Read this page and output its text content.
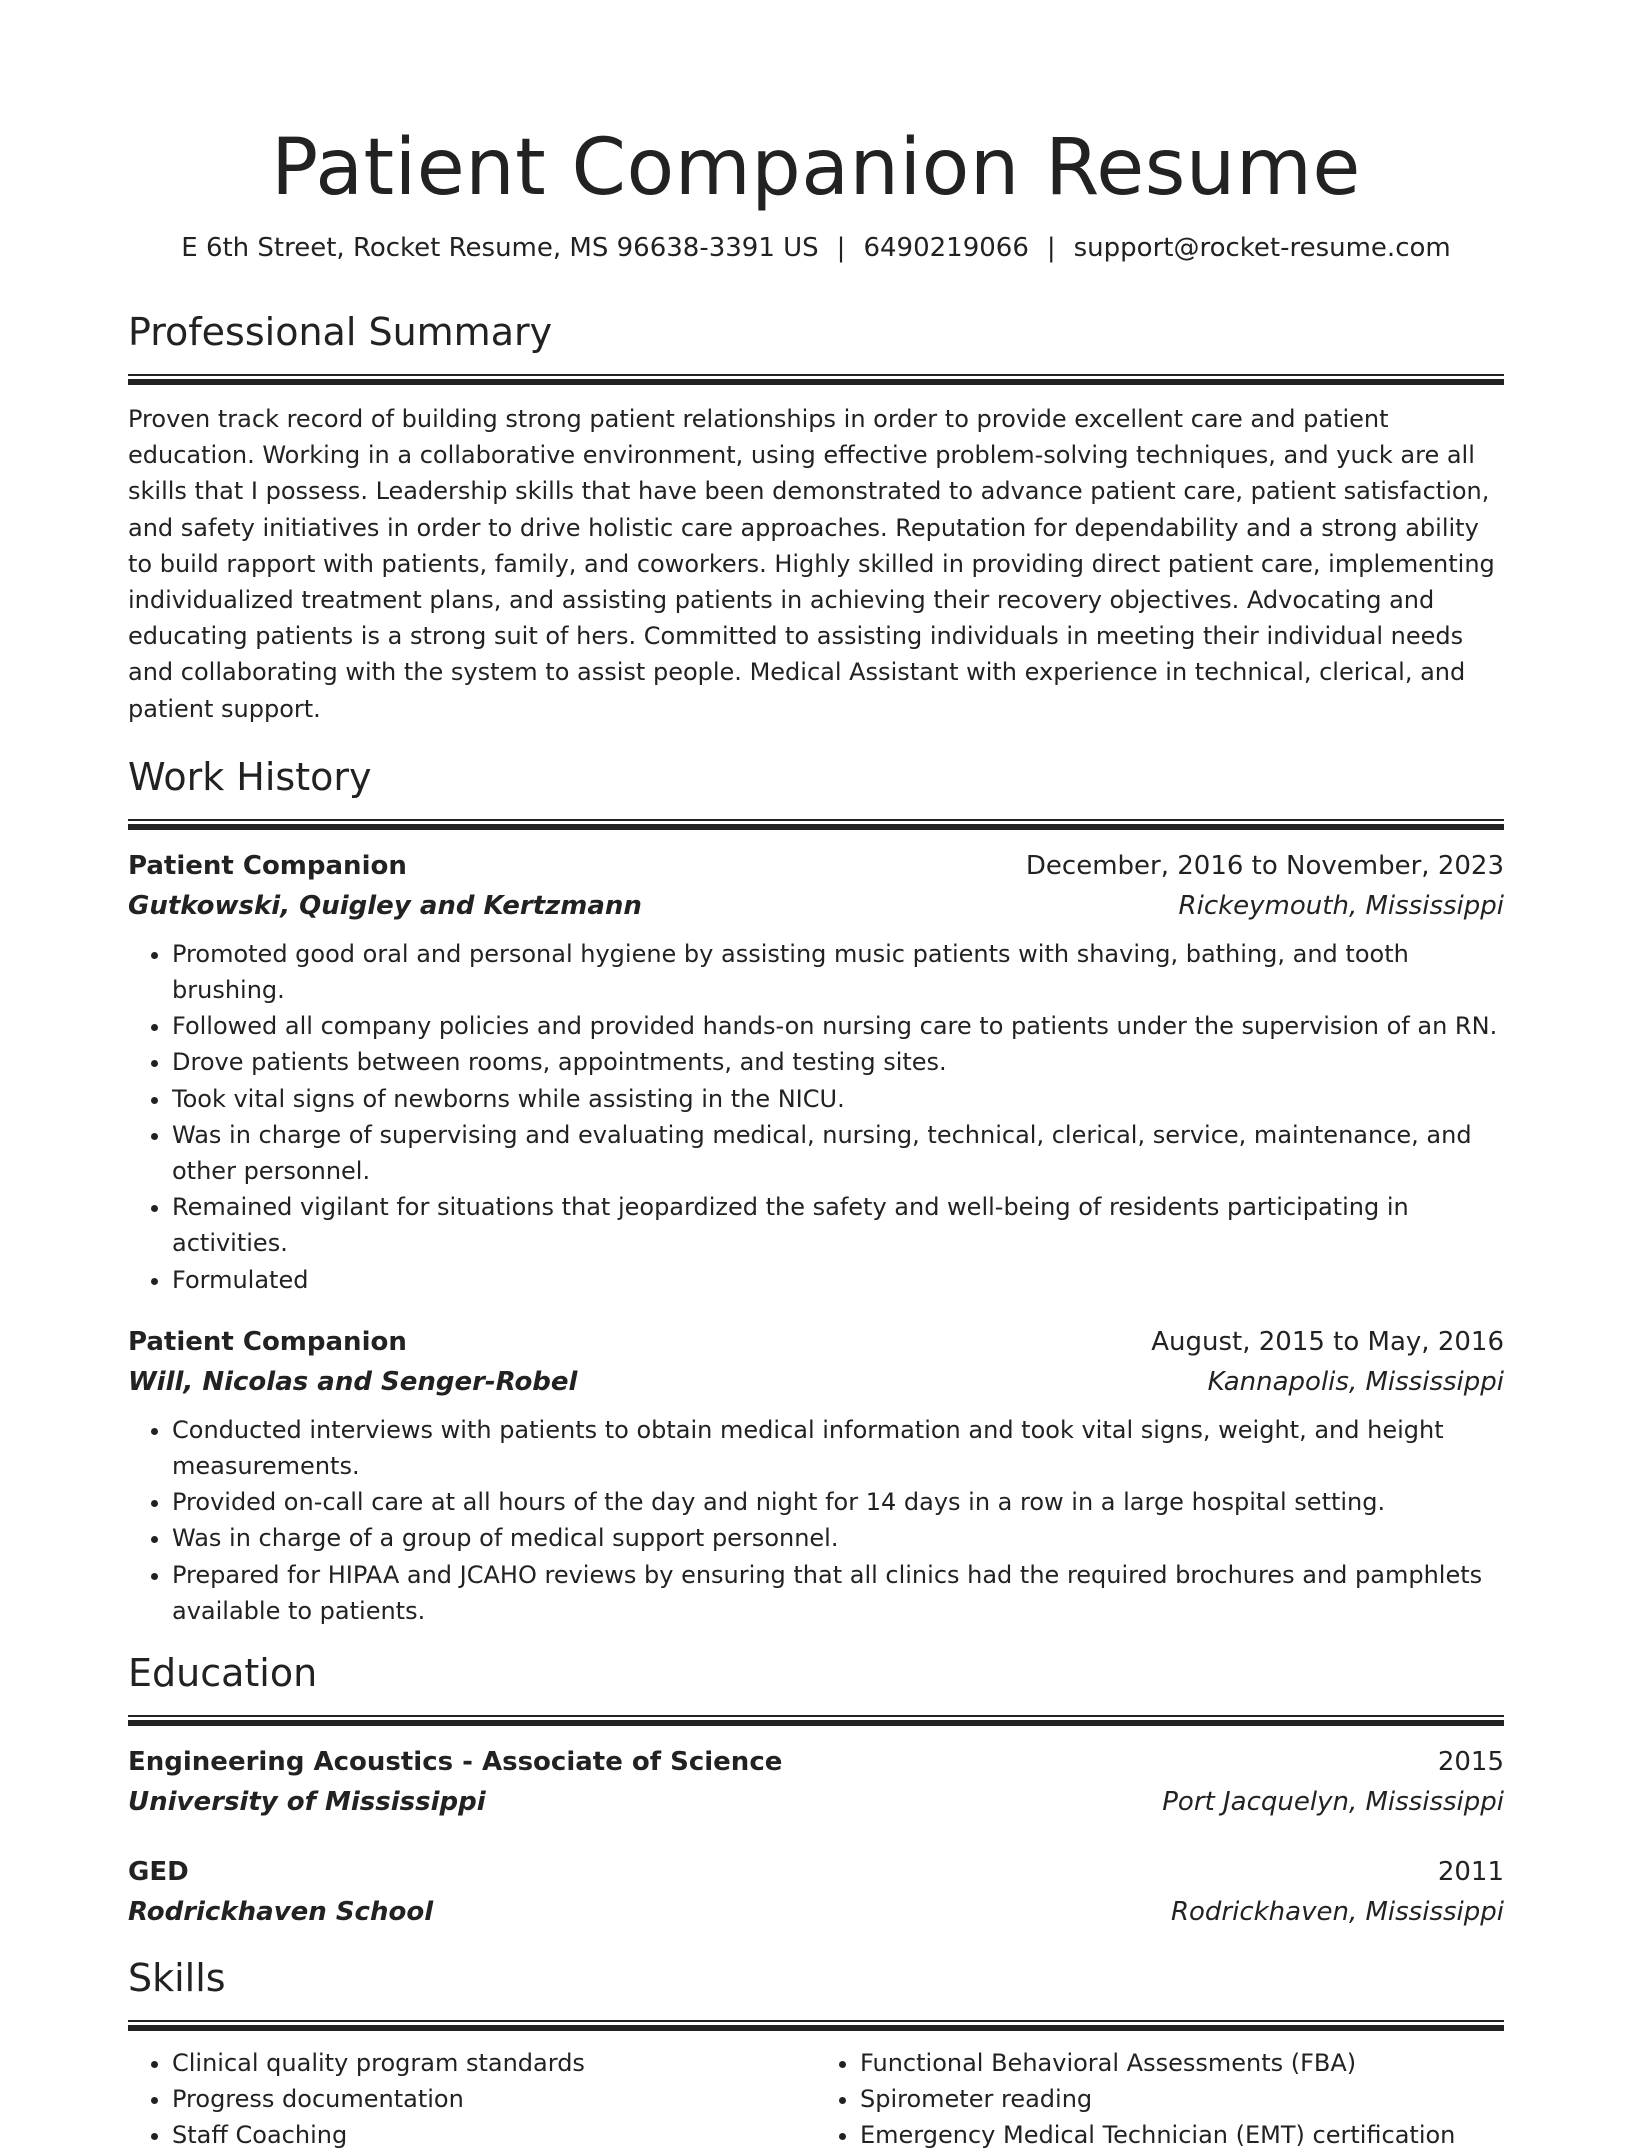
Patient Companion Resume
E 6th Street, Rocket Resume, MS 96638-3391 US | 6490219066 | support@rocket-resume.com
Professional Summary

Proven track record of building strong patient relationships in order to provide excellent care and patient education. Working in a collaborative environment, using effective problem-solving techniques, and yuck are all skills that I possess. Leadership skills that have been demonstrated to advance patient care, patient satisfaction, and safety initiatives in order to drive holistic care approaches. Reputation for dependability and a strong ability to build rapport with patients, family, and coworkers. Highly skilled in providing direct patient care, implementing individualized treatment plans, and assisting patients in achieving their recovery objectives. Advocating and educating patients is a strong suit of hers. Committed to assisting individuals in meeting their individual needs and collaborating with the system to assist people. Medical Assistant with experience in technical, clerical, and patient support.

Work History
Patient Companion	December, 2016 to November, 2023
Gutkowski, Quigley and Kertzmann	Rickeymouth, Mississippi
• Promoted good oral and personal hygiene by assisting music patients with shaving, bathing, and tooth brushing.
• Followed all company policies and provided hands-on nursing care to patients under the supervision of an RN.
• Drove patients between rooms, appointments, and testing sites.
• Took vital signs of newborns while assisting in the NICU.
• Was in charge of supervising and evaluating medical, nursing, technical, clerical, service, maintenance, and other personnel.
• Remained vigilant for situations that jeopardized the safety and well-being of residents participating in activities.
• Formulated
Patient Companion	August, 2015 to May, 2016
Will, Nicolas and Senger-Robel	Kannapolis, Mississippi
• Conducted interviews with patients to obtain medical information and took vital signs, weight, and height measurements.
• Provided on-call care at all hours of the day and night for 14 days in a row in a large hospital setting.
• Was in charge of a group of medical support personnel.
• Prepared for HIPAA and JCAHO reviews by ensuring that all clinics had the required brochures and pamphlets available to patients.
Education
Engineering Acoustics - Associate of Science	2015
University of Mississippi	Port Jacquelyn, Mississippi
GED	2011
Rodrickhaven School	Rodrickhaven, Mississippi
Skills
• Clinical quality program standards
• Progress documentation
• Staff Coaching
• Functional Behavioral Assessments (FBA)
• Spirometer reading
• Emergency Medical Technician (EMT) certification
